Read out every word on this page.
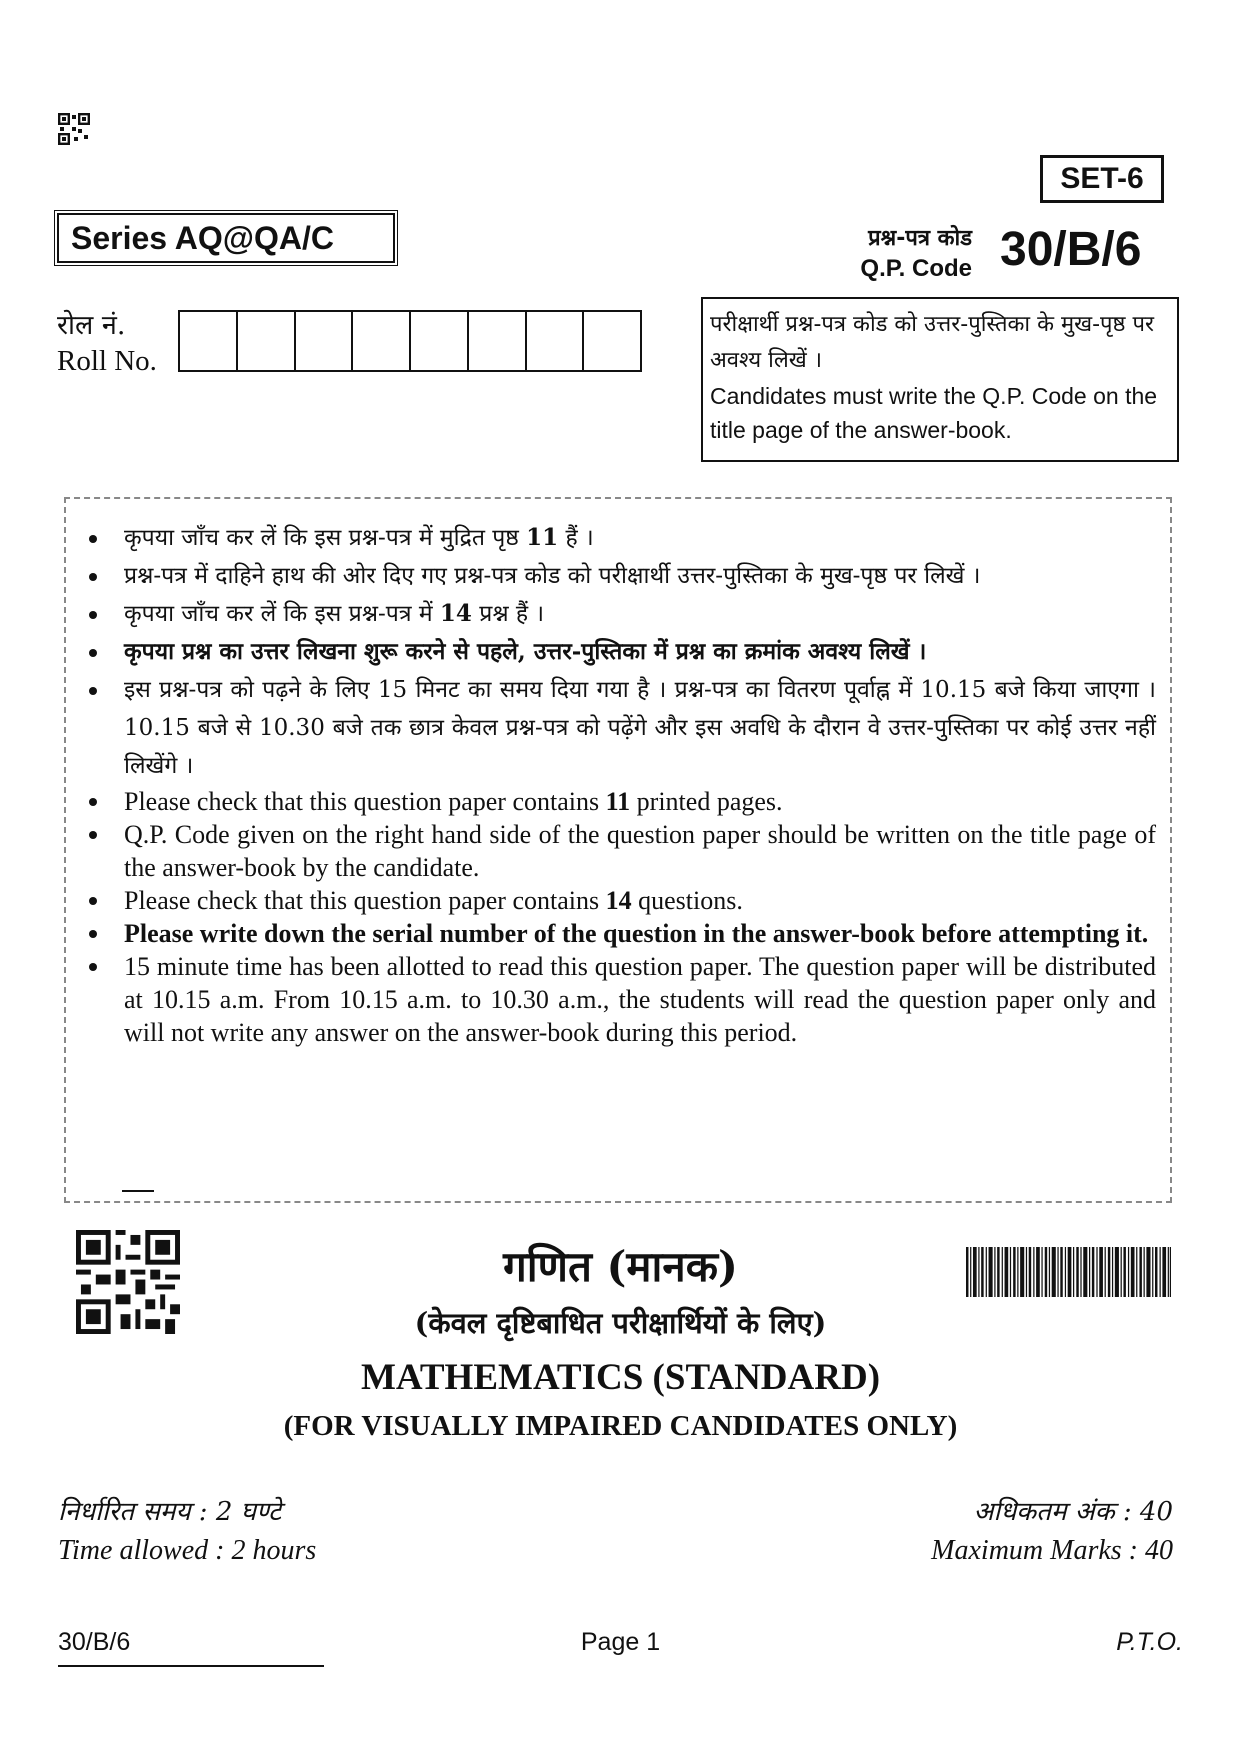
SET-6
Series AQ@QA/C	प्रश्न-पत्र कोड
Q.P. Code 30/B/6
रोल नं.
Roll No.
परीक्षार्थी प्रश्न-पत्र कोड को उत्तर-पुस्तिका के मुख-पृष्ठ पर अवश्य लिखें ।
Candidates must write the Q.P. Code on the title page of the answer-book.
कृपया जाँच कर लें कि इस प्रश्न-पत्र में मुद्रित पृष्ठ 11 हैं ।
प्रश्न-पत्र में दाहिने हाथ की ओर दिए गए प्रश्न-पत्र कोड को परीक्षार्थी उत्तर-पुस्तिका के मुख-पृष्ठ पर लिखें ।
कृपया जाँच कर लें कि इस प्रश्न-पत्र में 14 प्रश्न हैं ।
कृपया प्रश्न का उत्तर लिखना शुरू करने से पहले, उत्तर-पुस्तिका में प्रश्न का क्रमांक अवश्य लिखें ।
इस प्रश्न-पत्र को पढ़ने के लिए 15 मिनट का समय दिया गया है । प्रश्न-पत्र का वितरण पूर्वाह्न में 10.15 बजे किया जाएगा । 10.15 बजे से 10.30 बजे तक छात्र केवल प्रश्न-पत्र को पढ़ेंगे और इस अवधि के दौरान वे उत्तर-पुस्तिका पर कोई उत्तर नहीं लिखेंगे ।
Please check that this question paper contains 11 printed pages.
Q.P. Code given on the right hand side of the question paper should be written on the title page of the answer-book by the candidate.
Please check that this question paper contains 14 questions.
Please write down the serial number of the question in the answer-book before attempting it.
15 minute time has been allotted to read this question paper. The question paper will be distributed at 10.15 a.m. From 10.15 a.m. to 10.30 a.m., the students will read the question paper only and will not write any answer on the answer-book during this period.
गणित (मानक)
(केवल दृष्टिबाधित परीक्षार्थियों के लिए)
MATHEMATICS (STANDARD)
(FOR VISUALLY IMPAIRED CANDIDATES ONLY)
निर्धारित समय : 2 घण्टे
Time allowed : 2 hours
अधिकतम अंक : 40
Maximum Marks : 40
30/B/6	Page 1	P.T.O.
